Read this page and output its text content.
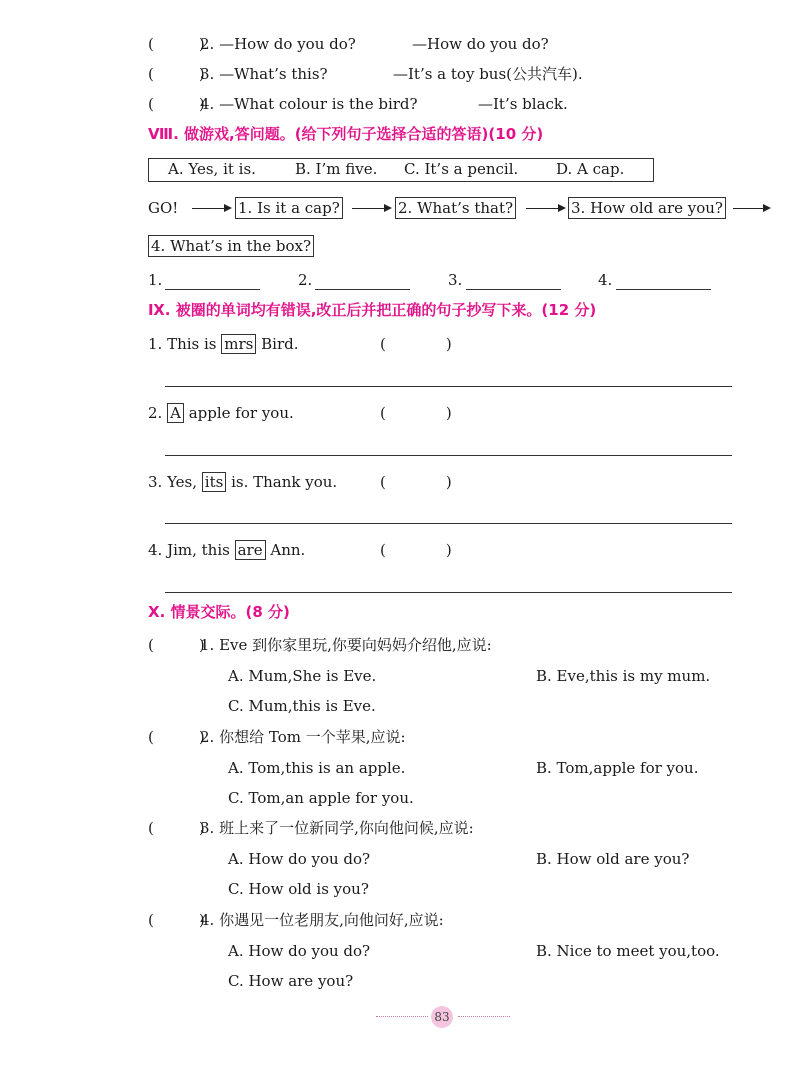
(　　　)
2. —How do you do?	—How do you do?
(　　　)
3. —What’s this?	—It’s a toy bus(公共汽车).
(　　　)
4. —What colour is the bird?	—It’s black.
Ⅷ. 做游戏,答问题。(给下列句子选择合适的答语)(10 分)
A. Yes, it is.	B. I’m five. C. It’s a pencil.	D. A cap.
GO!	1. Is it a cap?	2. What’s that?	3. How old are you?
4. What’s in the box?
1.	2.	3.	4.
Ⅸ. 被圈的单词均有错误,改正后并把正确的句子抄写下来。(12 分)
1. This is mrs Bird.	(　　　　)
2. A apple for you.	(　　　　)
3. Yes, its is. Thank you.	(　　　　)
4. Jim, this are Ann.	(　　　　)
Ⅹ. 情景交际。(8 分)
(　　　)
1. Eve 到你家里玩,你要向妈妈介绍他,应说:
A. Mum,She is Eve.	B. Eve,this is my mum.
C. Mum,this is Eve.
(　　　)
2. 你想给 Tom 一个苹果,应说:
A. Tom,this is an apple.	B. Tom,apple for you.
C. Tom,an apple for you.
(　　　)
3. 班上来了一位新同学,你向他问候,应说:
A. How do you do?	B. How old are you?
C. How old is you?
(　　　)
4. 你遇见一位老朋友,向他问好,应说:
A. How do you do?	B. Nice to meet you,too.
C. How are you?
83
